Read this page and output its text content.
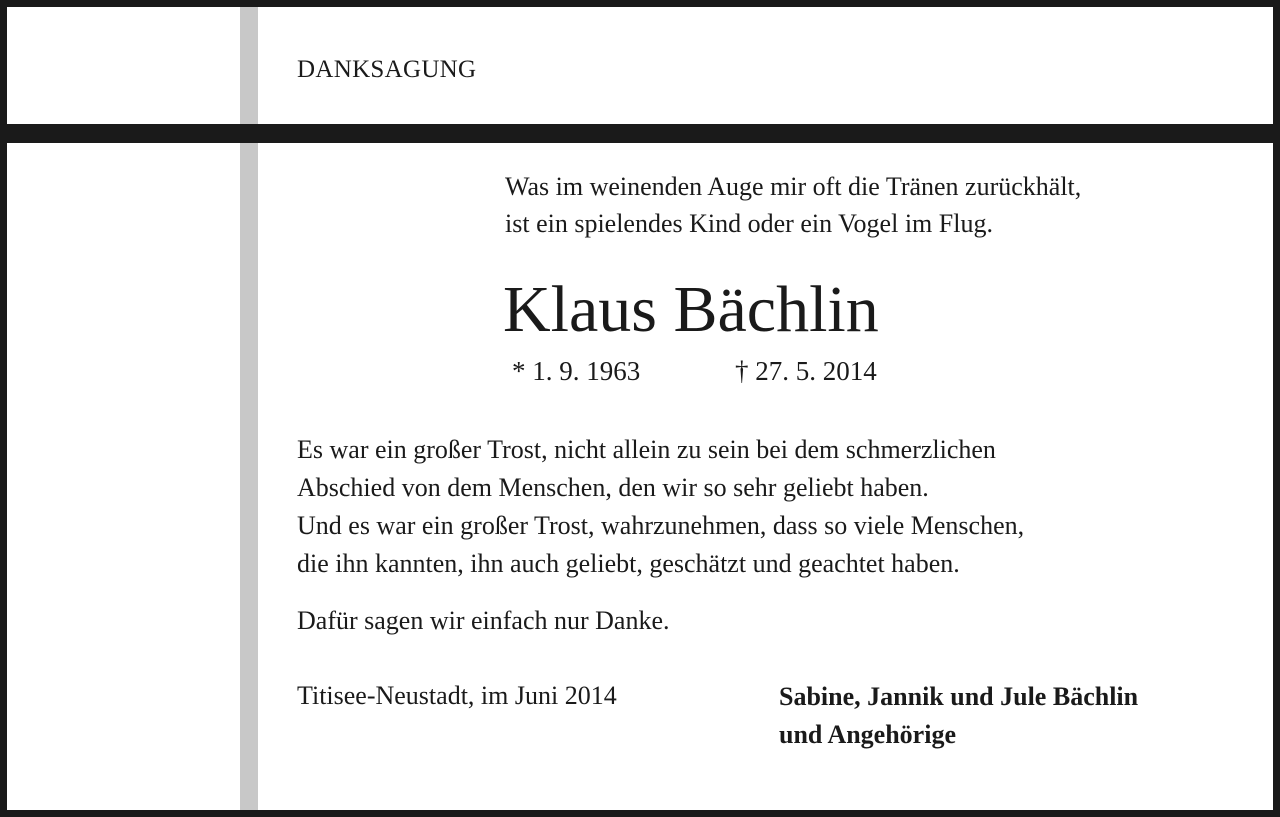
DANKSAGUNG
Was im weinenden Auge mir oft die Tränen zurückhält,
ist ein spielendes Kind oder ein Vogel im Flug.
Klaus Bächlin
* 1. 9. 1963	† 27. 5. 2014
Es war ein großer Trost, nicht allein zu sein bei dem schmerzlichen
Abschied von dem Menschen, den wir so sehr geliebt haben.
Und es war ein großer Trost, wahrzunehmen, dass so viele Menschen,
die ihn kannten, ihn auch geliebt, geschätzt und geachtet haben.
Dafür sagen wir einfach nur Danke.
Titisee-Neustadt, im Juni 2014	Sabine, Jannik und Jule Bächlin
und Angehörige
